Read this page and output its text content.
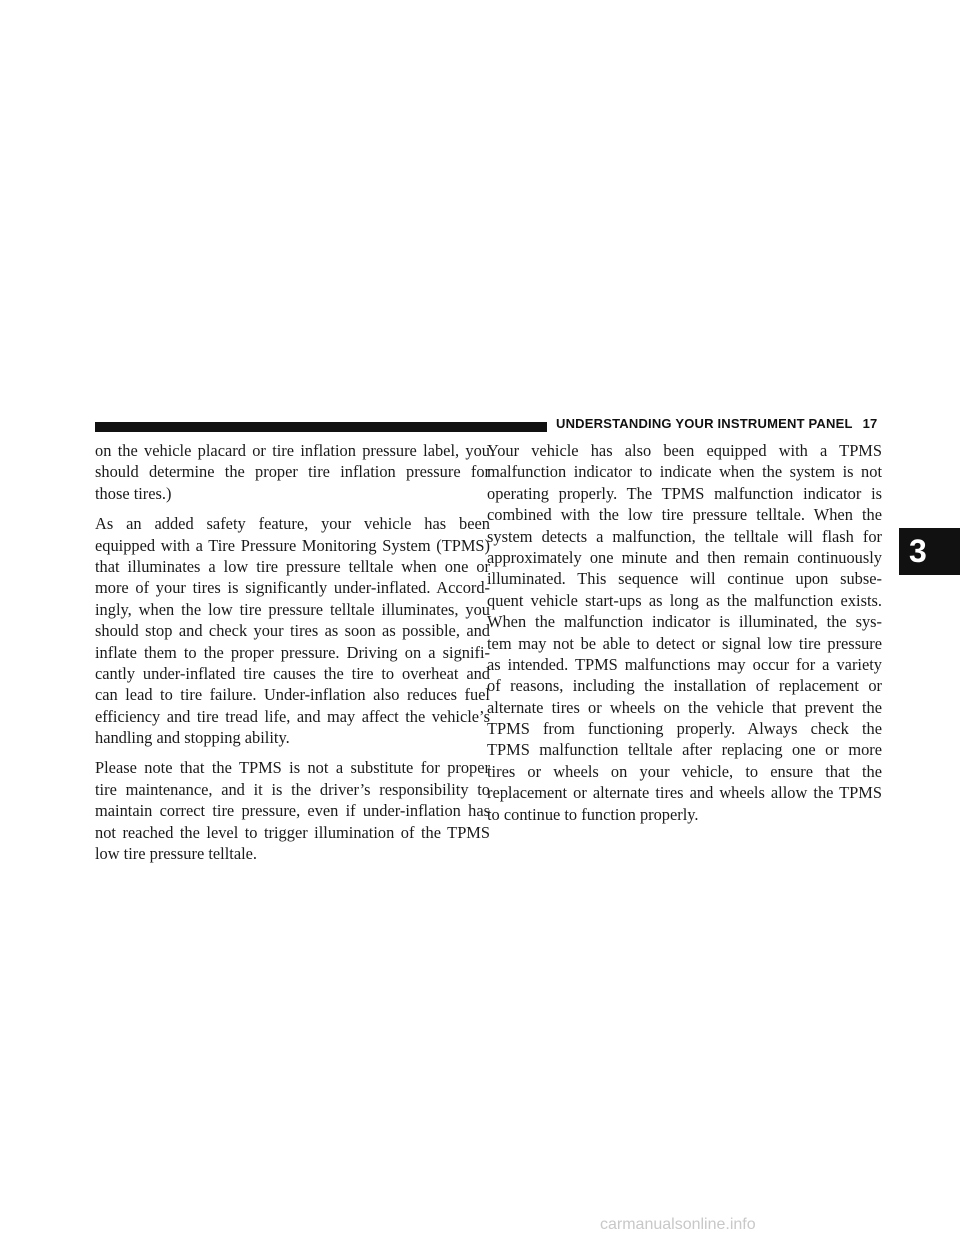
UNDERSTANDING YOUR INSTRUMENT PANEL 17

on the vehicle placard or tire inflation pressure label, you
should determine the proper tire inflation pressure for
those tires.)

As an added safety feature, your vehicle has been
equipped with a Tire Pressure Monitoring System (TPMS)
that illuminates a low tire pressure telltale when one or
more of your tires is significantly under-inflated. Accord-
ingly, when the low tire pressure telltale illuminates, you
should stop and check your tires as soon as possible, and
inflate them to the proper pressure. Driving on a signifi-
cantly under-inflated tire causes the tire to overheat and
can lead to tire failure. Under-inflation also reduces fuel
efficiency and tire tread life, and may affect the vehicle’s
handling and stopping ability.

Please note that the TPMS is not a substitute for proper
tire maintenance, and it is the driver’s responsibility to
maintain correct tire pressure, even if under-inflation has
not reached the level to trigger illumination of the TPMS
low tire pressure telltale.

Your vehicle has also been equipped with a TPMS
malfunction indicator to indicate when the system is not
operating properly. The TPMS malfunction indicator is
combined with the low tire pressure telltale. When the
system detects a malfunction, the telltale will flash for
approximately one minute and then remain continuously
illuminated. This sequence will continue upon subse-
quent vehicle start-ups as long as the malfunction exists.
When the malfunction indicator is illuminated, the sys-
tem may not be able to detect or signal low tire pressure
as intended. TPMS malfunctions may occur for a variety
of reasons, including the installation of replacement or
alternate tires or wheels on the vehicle that prevent the
TPMS from functioning properly. Always check the
TPMS malfunction telltale after replacing one or more
tires or wheels on your vehicle, to ensure that the
replacement or alternate tires and wheels allow the TPMS
to continue to function properly.

3
carmanualsonline.info
